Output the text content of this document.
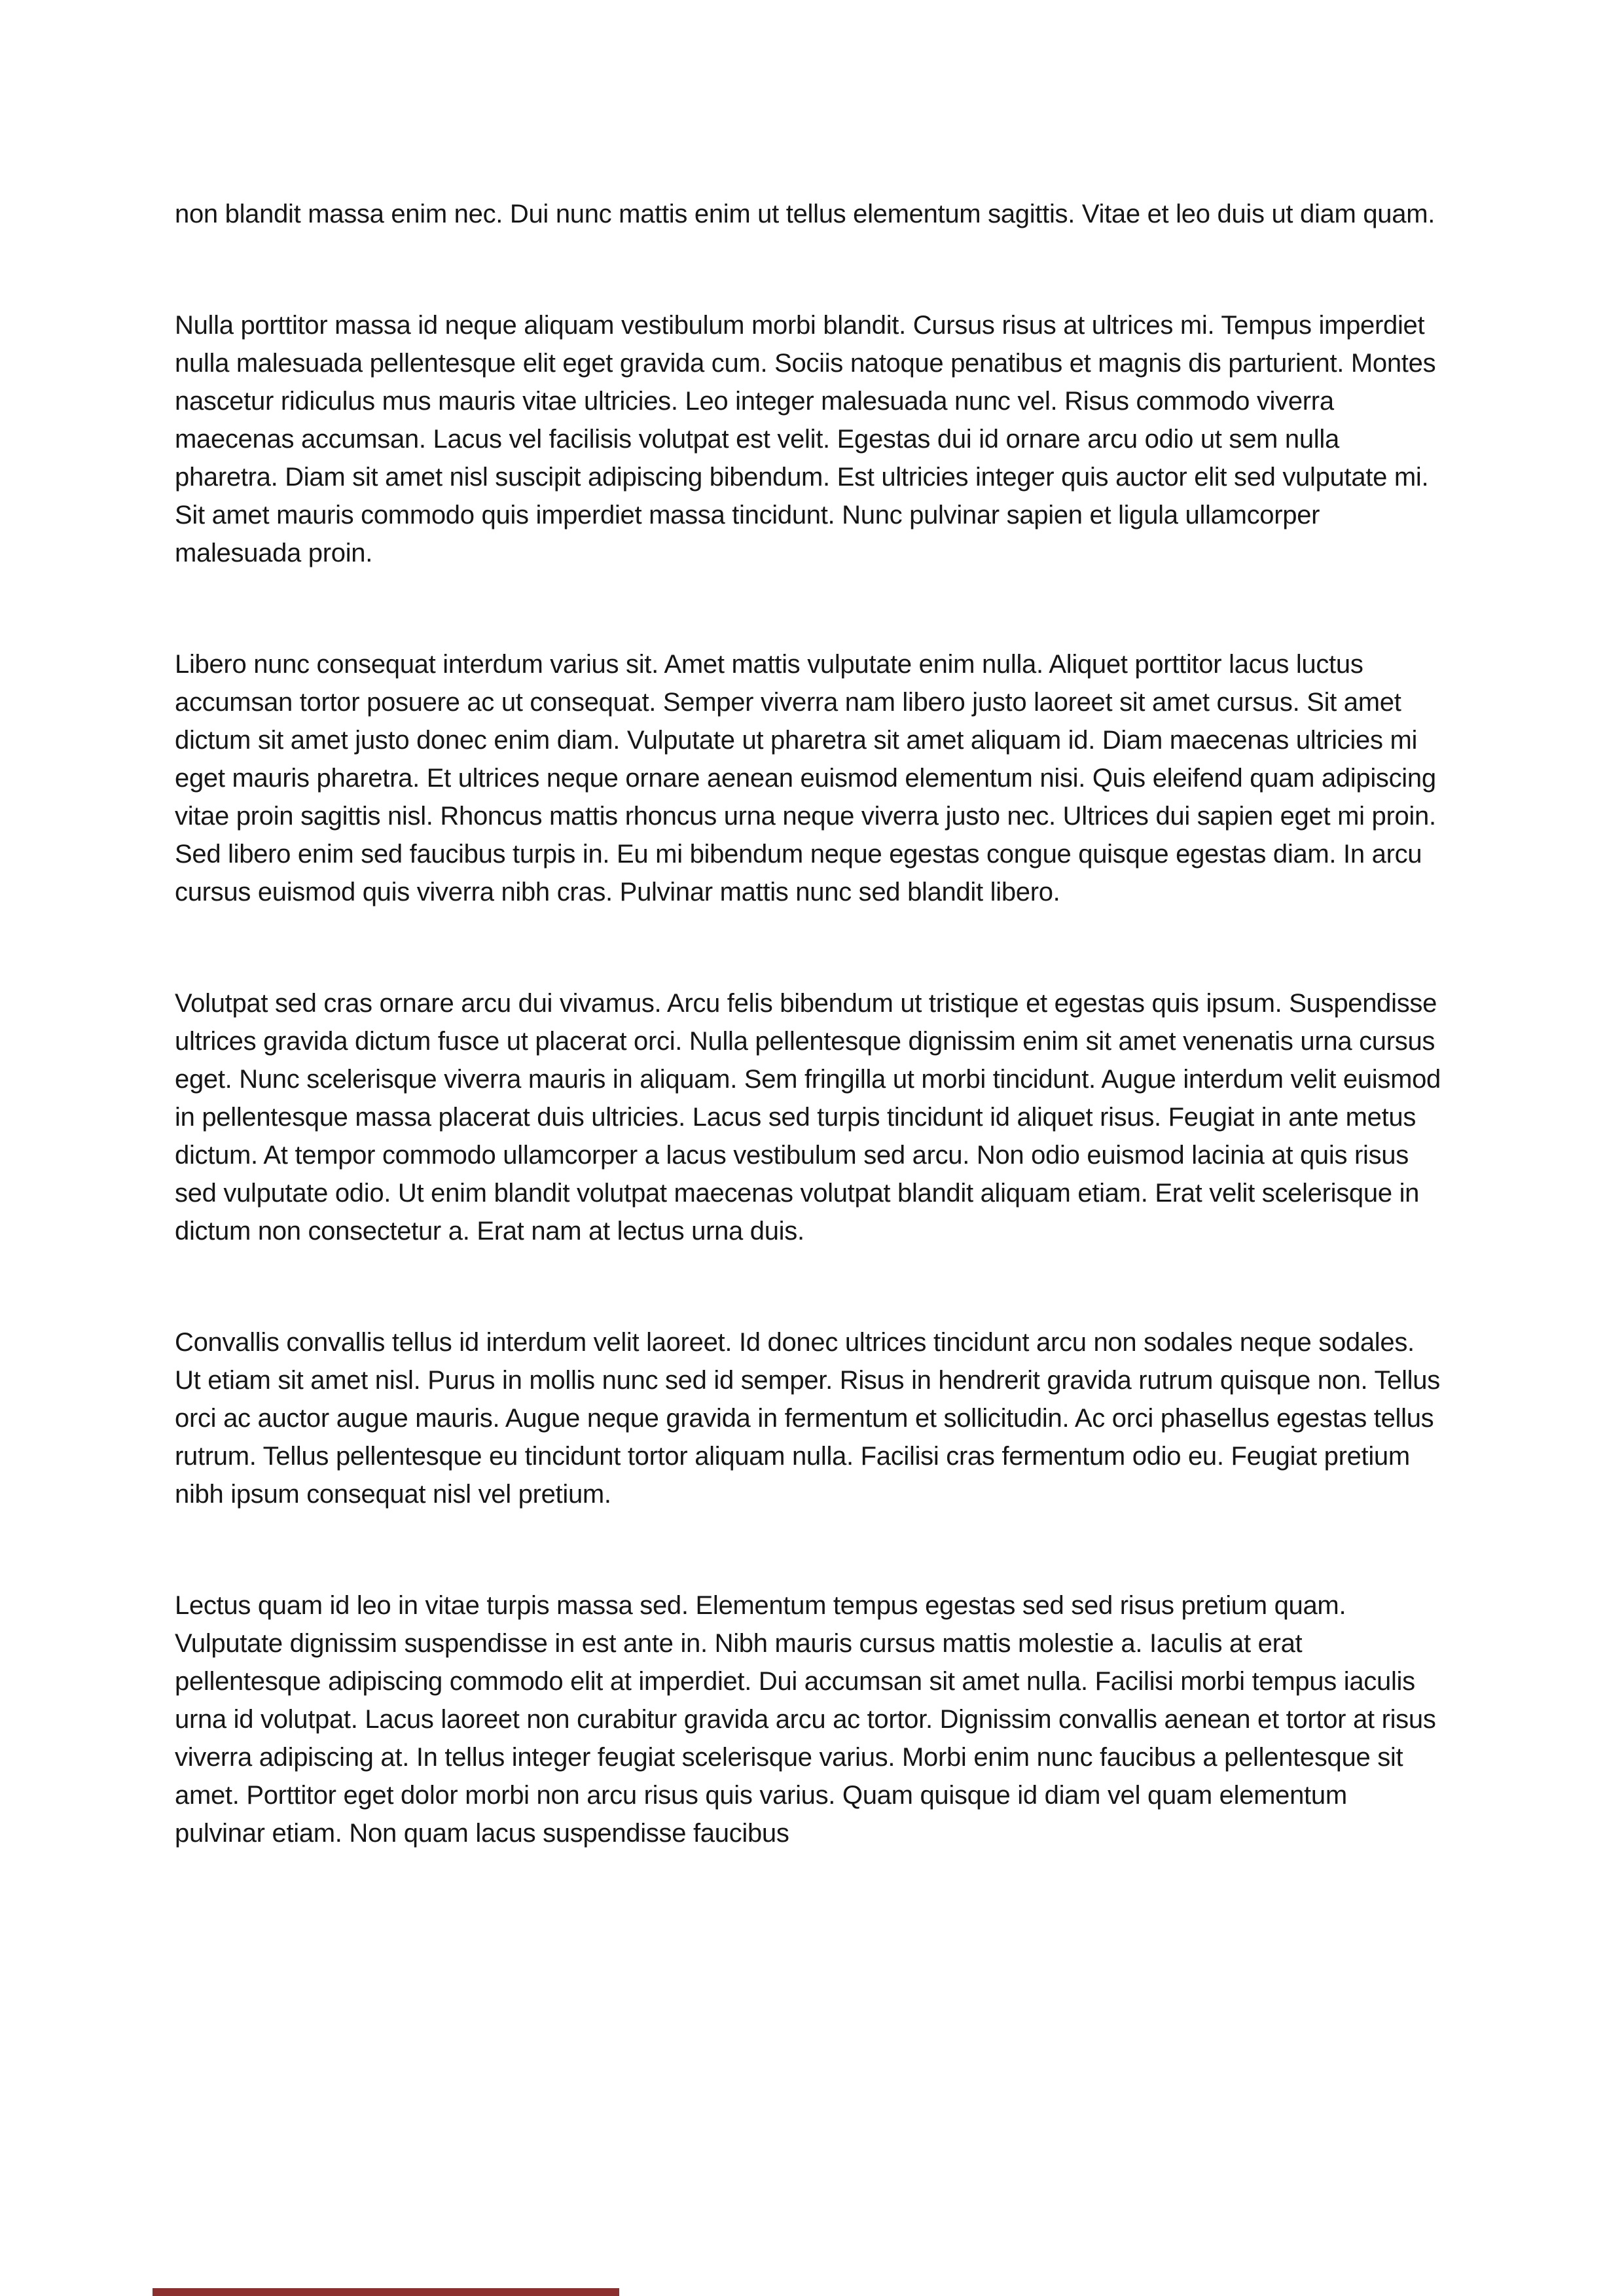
non blandit massa enim nec. Dui nunc mattis enim ut tellus elementum sagittis. Vitae et leo duis ut diam quam.

Nulla porttitor massa id neque aliquam vestibulum morbi blandit. Cursus risus at ultrices mi. Tempus imperdiet nulla malesuada pellentesque elit eget gravida cum. Sociis natoque penatibus et magnis dis parturient. Montes nascetur ridiculus mus mauris vitae ultricies. Leo integer malesuada nunc vel. Risus commodo viverra maecenas accumsan. Lacus vel facilisis volutpat est velit. Egestas dui id ornare arcu odio ut sem nulla pharetra. Diam sit amet nisl suscipit adipiscing bibendum. Est ultricies integer quis auctor elit sed vulputate mi. Sit amet mauris commodo quis imperdiet massa tincidunt. Nunc pulvinar sapien et ligula ullamcorper malesuada proin.

Libero nunc consequat interdum varius sit. Amet mattis vulputate enim nulla. Aliquet porttitor lacus luctus accumsan tortor posuere ac ut consequat. Semper viverra nam libero justo laoreet sit amet cursus. Sit amet dictum sit amet justo donec enim diam. Vulputate ut pharetra sit amet aliquam id. Diam maecenas ultricies mi eget mauris pharetra. Et ultrices neque ornare aenean euismod elementum nisi. Quis eleifend quam adipiscing vitae proin sagittis nisl. Rhoncus mattis rhoncus urna neque viverra justo nec. Ultrices dui sapien eget mi proin. Sed libero enim sed faucibus turpis in. Eu mi bibendum neque egestas congue quisque egestas diam. In arcu cursus euismod quis viverra nibh cras. Pulvinar mattis nunc sed blandit libero.

Volutpat sed cras ornare arcu dui vivamus. Arcu felis bibendum ut tristique et egestas quis ipsum. Suspendisse ultrices gravida dictum fusce ut placerat orci. Nulla pellentesque dignissim enim sit amet venenatis urna cursus eget. Nunc scelerisque viverra mauris in aliquam. Sem fringilla ut morbi tincidunt. Augue interdum velit euismod in pellentesque massa placerat duis ultricies. Lacus sed turpis tincidunt id aliquet risus. Feugiat in ante metus dictum. At tempor commodo ullamcorper a lacus vestibulum sed arcu. Non odio euismod lacinia at quis risus sed vulputate odio. Ut enim blandit volutpat maecenas volutpat blandit aliquam etiam. Erat velit scelerisque in dictum non consectetur a. Erat nam at lectus urna duis.

Convallis convallis tellus id interdum velit laoreet. Id donec ultrices tincidunt arcu non sodales neque sodales. Ut etiam sit amet nisl. Purus in mollis nunc sed id semper. Risus in hendrerit gravida rutrum quisque non. Tellus orci ac auctor augue mauris. Augue neque gravida in fermentum et sollicitudin. Ac orci phasellus egestas tellus rutrum. Tellus pellentesque eu tincidunt tortor aliquam nulla. Facilisi cras fermentum odio eu. Feugiat pretium nibh ipsum consequat nisl vel pretium.

Lectus quam id leo in vitae turpis massa sed. Elementum tempus egestas sed sed risus pretium quam. Vulputate dignissim suspendisse in est ante in. Nibh mauris cursus mattis molestie a. Iaculis at erat pellentesque adipiscing commodo elit at imperdiet. Dui accumsan sit amet nulla. Facilisi morbi tempus iaculis urna id volutpat. Lacus laoreet non curabitur gravida arcu ac tortor. Dignissim convallis aenean et tortor at risus viverra adipiscing at. In tellus integer feugiat scelerisque varius. Morbi enim nunc faucibus a pellentesque sit amet. Porttitor eget dolor morbi non arcu risus quis varius. Quam quisque id diam vel quam elementum pulvinar etiam. Non quam lacus suspendisse faucibus
